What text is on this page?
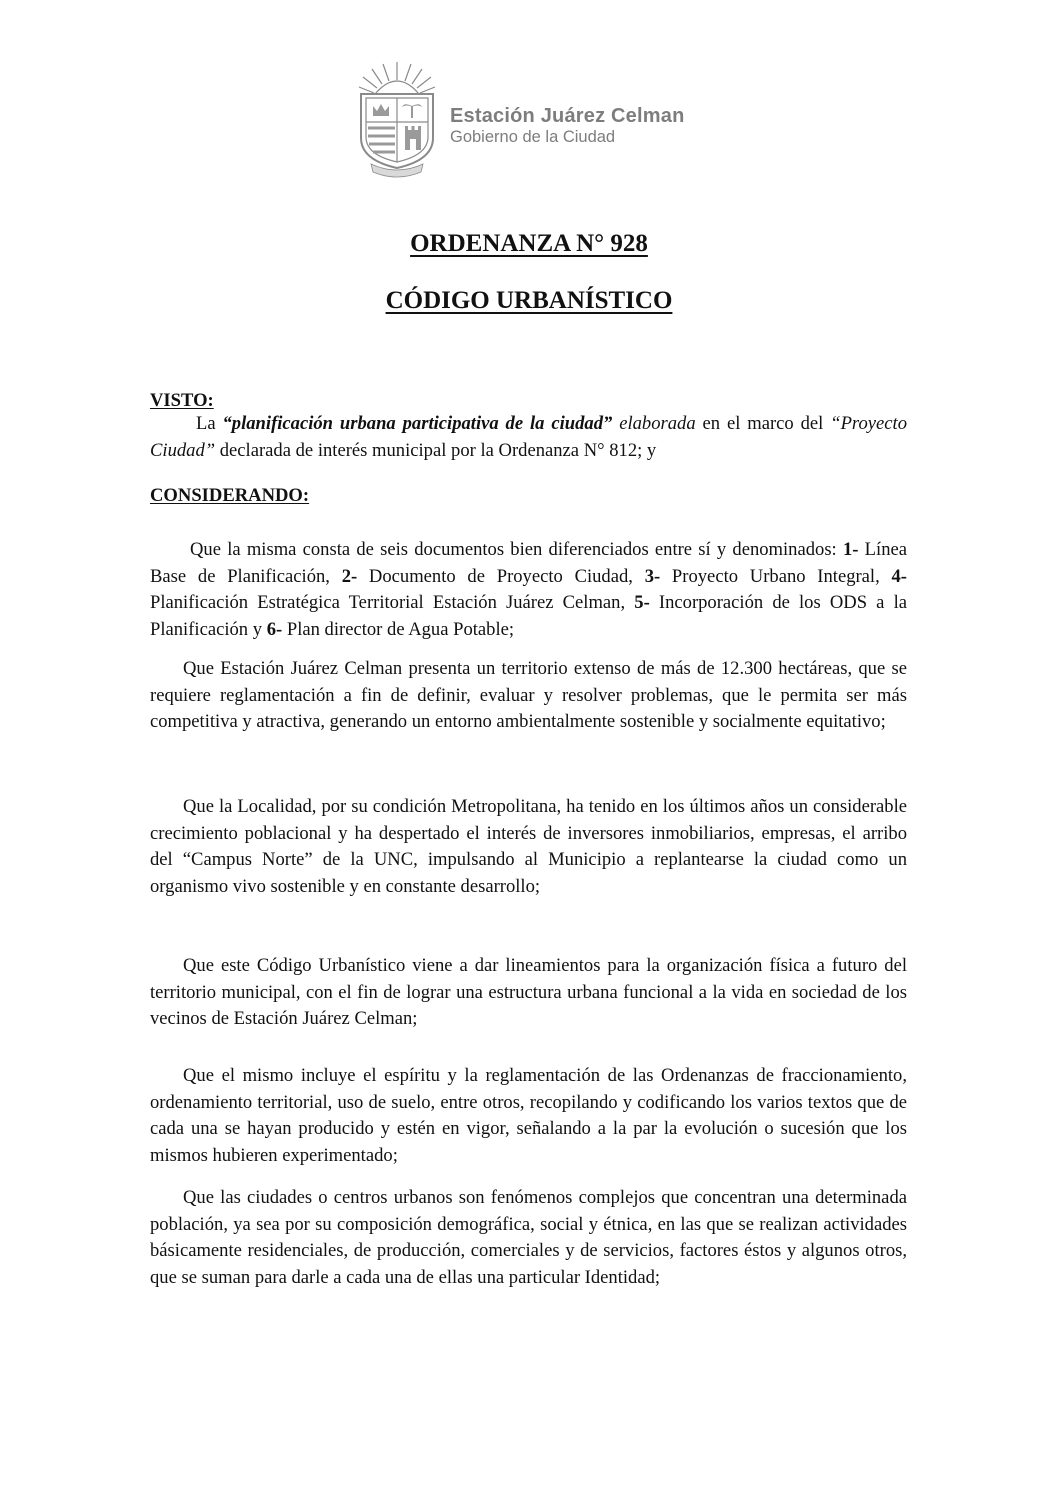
Estación Juárez Celman
Gobierno de la Ciudad
ORDENANZA N° 928
CÓDIGO URBANÍSTICO
VISTO:

La “planificación urbana participativa de la ciudad” elaborada en el marco del “Proyecto Ciudad” declarada de interés municipal por la Ordenanza N° 812; y

CONSIDERANDO:

Que la misma consta de seis documentos bien diferenciados entre sí y denominados: 1- Línea Base de Planificación, 2- Documento de Proyecto Ciudad, 3- Proyecto Urbano Integral, 4- Planificación Estratégica Territorial Estación Juárez Celman, 5- Incorporación de los ODS a la Planificación y 6- Plan director de Agua Potable;

Que Estación Juárez Celman presenta un territorio extenso de más de 12.300 hectáreas, que se requiere reglamentación a fin de definir, evaluar y resolver problemas, que le permita ser más competitiva y atractiva, generando un entorno ambientalmente sostenible y socialmente equitativo;

Que la Localidad, por su condición Metropolitana, ha tenido en los últimos años un considerable crecimiento poblacional y ha despertado el interés de inversores inmobiliarios, empresas, el arribo del “Campus Norte” de la UNC, impulsando al Municipio a replantearse la ciudad como un organismo vivo sostenible y en constante desarrollo;

Que este Código Urbanístico viene a dar lineamientos para la organización física a futuro del territorio municipal, con el fin de lograr una estructura urbana funcional a la vida en sociedad de los vecinos de Estación Juárez Celman;

Que el mismo incluye el espíritu y la reglamentación de las Ordenanzas de fraccionamiento, ordenamiento territorial, uso de suelo, entre otros, recopilando y codificando los varios textos que de cada una se hayan producido y estén en vigor, señalando a la par la evolución o sucesión que los mismos hubieren experimentado;

Que las ciudades o centros urbanos son fenómenos complejos que concentran una determinada población, ya sea por su composición demográfica, social y étnica, en las que se realizan actividades básicamente residenciales, de producción, comerciales y de servicios, factores éstos y algunos otros, que se suman para darle a cada una de ellas una particular Identidad;
